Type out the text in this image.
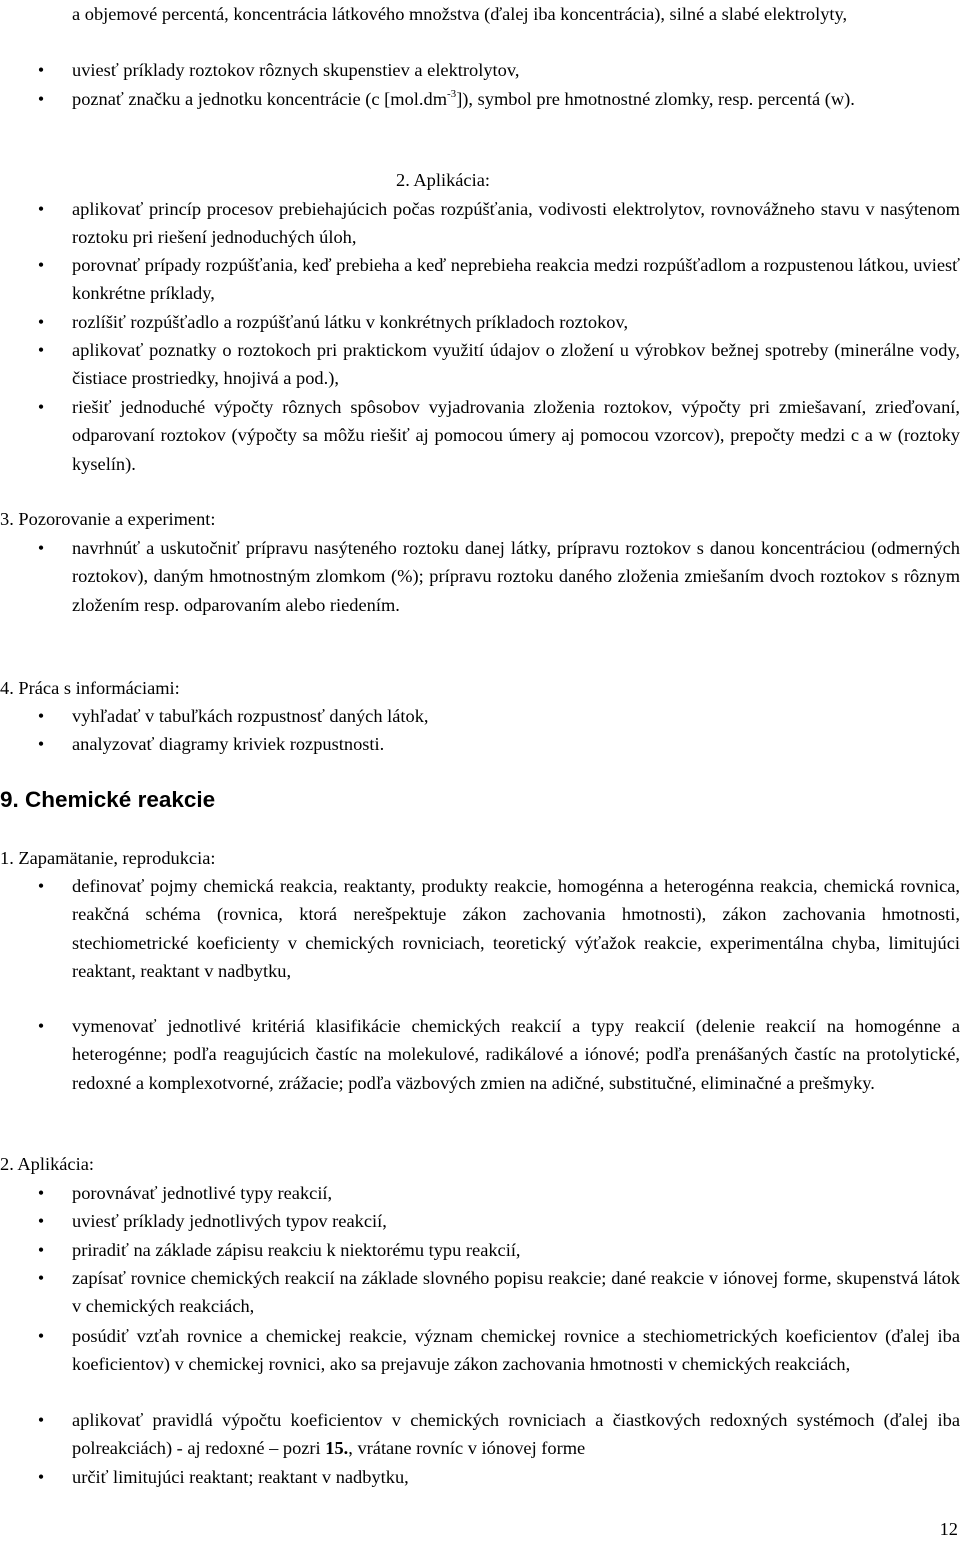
a objemové percentá, koncentrácia látkového množstva (ďalej iba koncentrácia), silné a slabé elektrolyty,
• uviesť príklady roztokov rôznych skupenstiev a elektrolytov,
• poznať značku a jednotku koncentrácie (c $[mol.dm^{-3}]$), symbol pre hmotnostné zlomky, resp. percentá (w).
2. Aplikácia:
• aplikovať princíp procesov prebiehajúcich počas rozpúšťania, vodivosti elektrolytov, rovnovážneho stavu v nasýtenom roztoku pri riešení jednoduchých úloh,
• porovnať prípady rozpúšťania, keď prebieha a keď neprebieha reakcia medzi rozpúšťadlom a rozpustenou látkou, uviesť konkrétne príklady,
• rozlíšiť rozpúšťadlo a rozpúšťanú látku v konkrétnych príkladoch roztokov,
• aplikovať poznatky o roztokoch pri praktickom využití údajov o zložení u výrobkov bežnej spotreby (minerálne vody, čistiace prostriedky, hnojivá a pod.),
• riešiť jednoduché výpočty rôznych spôsobov vyjadrovania zloženia roztokov, výpočty pri zmiešavaní, zrieďovaní, odparovaní roztokov (výpočty sa môžu riešiť aj pomocou úmery aj pomocou vzorcov), prepočty medzi c a w (roztoky kyselín).
3. Pozorovanie a experiment:
• navrhnúť a uskutočniť prípravu nasýteného roztoku danej látky, prípravu roztokov s danou koncentráciou (odmerných roztokov), daným hmotnostným zlomkom (%); prípravu roztoku daného zloženia zmiešaním dvoch roztokov s rôznym zložením resp. odparovaním alebo riedením.
4. Práca s informáciami:
• vyhľadať v tabuľkách rozpustnosť daných látok,
• analyzovať diagramy kriviek rozpustnosti.
9. Chemické reakcie
1. Zapamätanie, reprodukcia:
• definovať pojmy chemická reakcia, reaktanty, produkty reakcie, homogénna a heterogénna reakcia, chemická rovnica, reakčná schéma (rovnica, ktorá nerešpektuje zákon zachovania hmotnosti), zákon zachovania hmotnosti, stechiometrické koeficienty v chemických rovniciach, teoretický výťažok reakcie, experimentálna chyba, limitujúci reaktant, reaktant v nadbytku,
• vymenovať jednotlivé kritériá klasifikácie chemických reakcií a typy reakcií (delenie reakcií na homogénne a heterogénne; podľa reagujúcich častíc na molekulové, radikálové a iónové; podľa prenášaných častíc na protolytické, redoxné a komplexotvorné, zrážacie; podľa väzbových zmien na adičné, substitučné, eliminačné a prešmyky.
2. Aplikácia:
• porovnávať jednotlivé typy reakcií,
• uviesť príklady jednotlivých typov reakcií,
• priradiť na základe zápisu reakciu k niektorému typu reakcií,
• zapísať rovnice chemických reakcií na základe slovného popisu reakcie; dané reakcie v iónovej forme, skupenstvá látok v chemických reakciách,
• posúdiť vzťah rovnice a chemickej reakcie, význam chemickej rovnice a stechiometrických koeficientov (ďalej iba koeficientov) v chemickej rovnici, ako sa prejavuje zákon zachovania hmotnosti v chemických reakciách,
• aplikovať pravidlá výpočtu koeficientov v chemických rovniciach a čiastkových redoxných systémoch (ďalej iba polreakciách) - aj redoxné – pozri 15., vrátane rovníc v iónovej forme
• určiť limitujúci reaktant; reaktant v nadbytku,
12
